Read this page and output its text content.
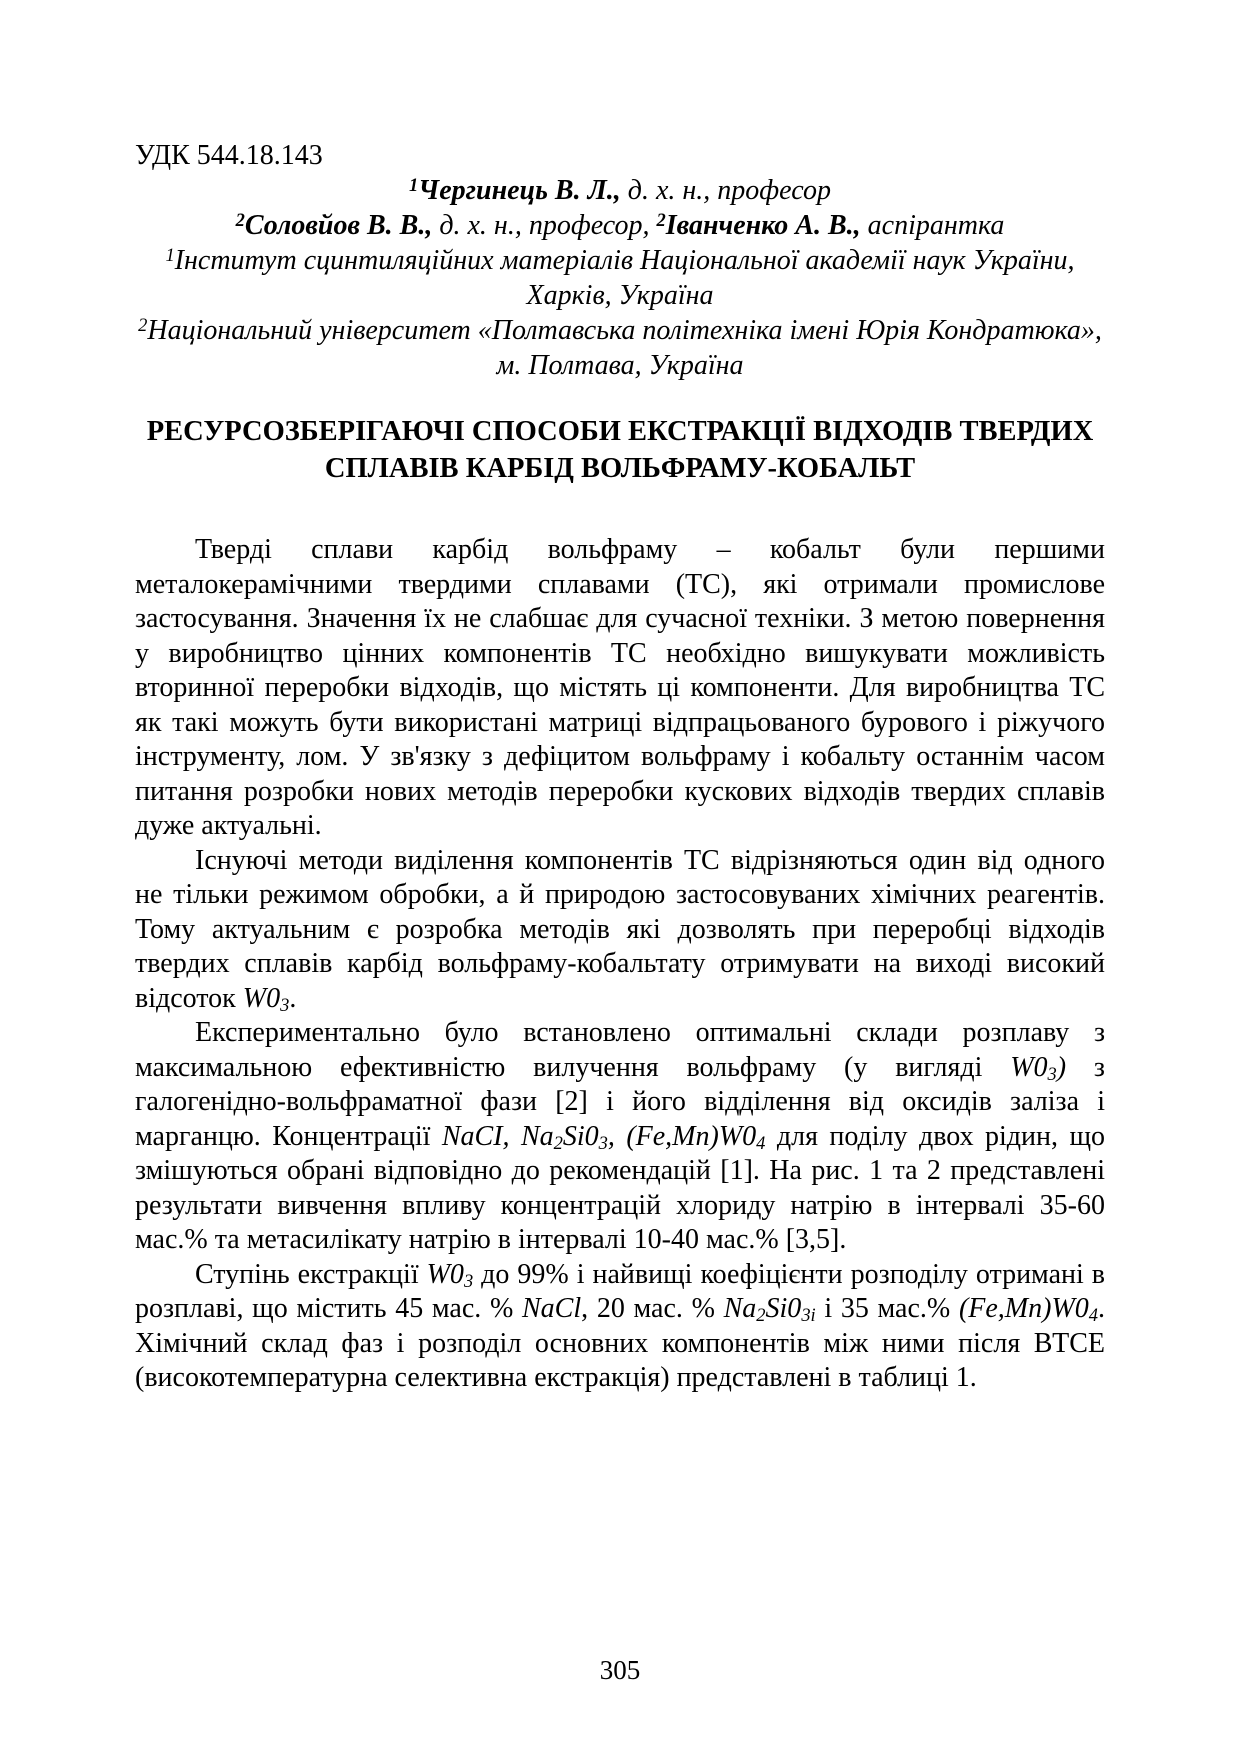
УДК 544.18.143
$^1$Чергинець В. Л., д. х. н., професор
$^2$Соловйов В. В., д. х. н., професор, $^2$Іванченко А. В., аспірантка
$^1$Інститут сцинтиляційних матеріалів Національної академії наук України, Харків, Україна
$^2$Національний університет «Полтавська політехніка імені Юрія Кондратюка», м. Полтава, Україна
РЕСУРСОЗБЕРІГАЮЧІ СПОСОБИ ЕКСТРАКЦІЇ ВІДХОДІВ ТВЕРДИХ СПЛАВІВ КАРБІД ВОЛЬФРАМУ-КОБАЛЬТ

Тверді сплави карбід вольфраму – кобальт були першими металокерамічними твердими сплавами (ТС), які отримали промислове застосування. Значення їх не слабшає для сучасної техніки. З метою повернення у виробництво цінних компонентів ТС необхідно вишукувати можливість вторинної переробки відходів, що містять ці компоненти. Для виробництва ТС як такі можуть бути використані матриці відпрацьованого бурового і ріжучого інструменту, лом. У зв'язку з дефіцитом вольфраму і кобальту останнім часом питання розробки нових методів переробки кускових відходів твердих сплавів дуже актуальні.

Існуючі методи виділення компонентів ТС відрізняються один від одного не тільки режимом обробки, а й природою застосовуваних хімічних реагентів. Тому актуальним є розробка методів які дозволять при переробці відходів твердих сплавів карбід вольфраму-кобальтату отримувати на виході високий відсоток $W0_3$.

Експериментально було встановлено оптимальні склади розплаву з максимальною ефективністю вилучення вольфраму (у вигляді $W0_3$) з галогенідно-вольфраматної фази [2] і його відділення від оксидів заліза і марганцю. Концентрації NaCI, $Na_2Si0_3$, $(Fe,Mn)W0_4$ для поділу двох рідин, що змішуються обрані відповідно до рекомендацій [1]. На рис. 1 та 2 представлені результати вивчення впливу концентрацій хлориду натрію в інтервалі 35-60 мас.% та метасилікату натрію в інтервалі 10-40 мас.% [3,5].

Ступінь екстракції $W0_3$ до 99% і найвищі коефіцієнти розподілу отримані в розплаві, що містить 45 мас. % NaCl, 20 мас. % $Na_2Si0_{3i}$ і 35 мас.% $(Fe,Mn)W0_4$. Хімічний склад фаз і розподіл основних компонентів між ними після ВТСЕ (високотемпературна селективна екстракція) представлені в таблиці 1.

305
